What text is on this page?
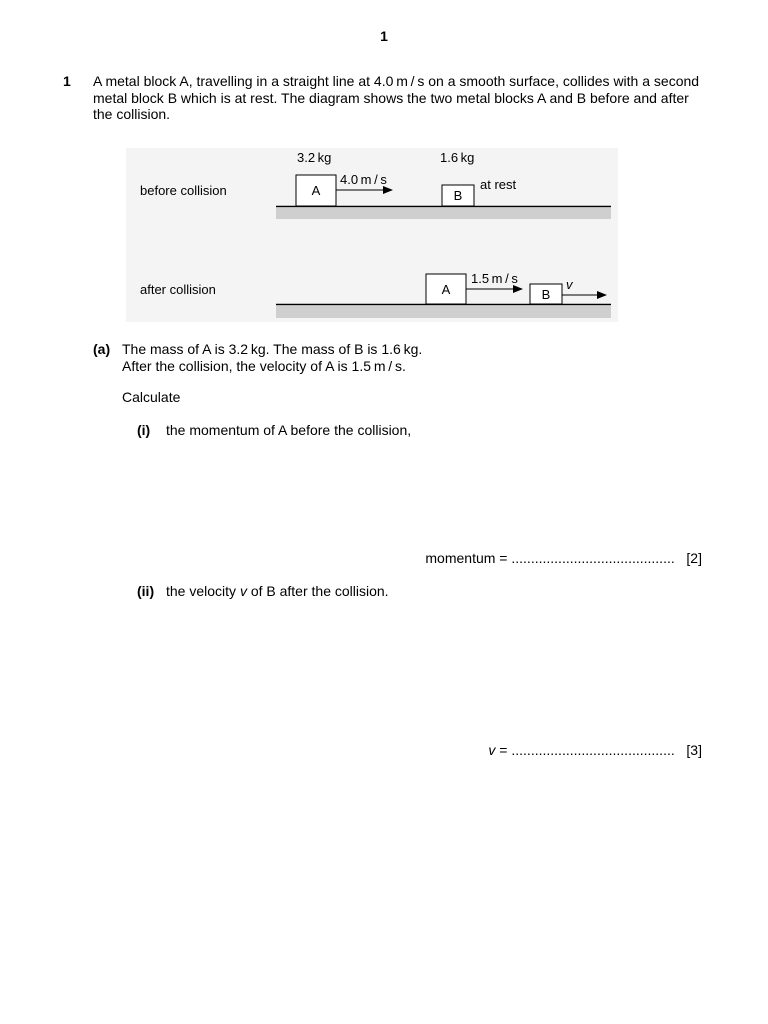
1
1 A metal block A, travelling in a straight line at 4.0 m / s on a smooth surface, collides with a second
metal block B which is at rest. The diagram shows the two metal blocks A and B before and after
the collision.
before collision
3.2 kg	1.6 kg
A	B
4.0 m / s	at rest
after collision	A
1.5 m / s
B
v
(a) The mass of A is 3.2 kg. The mass of B is 1.6 kg.
After the collision, the velocity of A is 1.5 m / s.
Calculate
(i) the momentum of A before the collision,
momentum = .......................................... [2]
(ii) the velocity v of B after the collision.
v = .......................................... [3]
